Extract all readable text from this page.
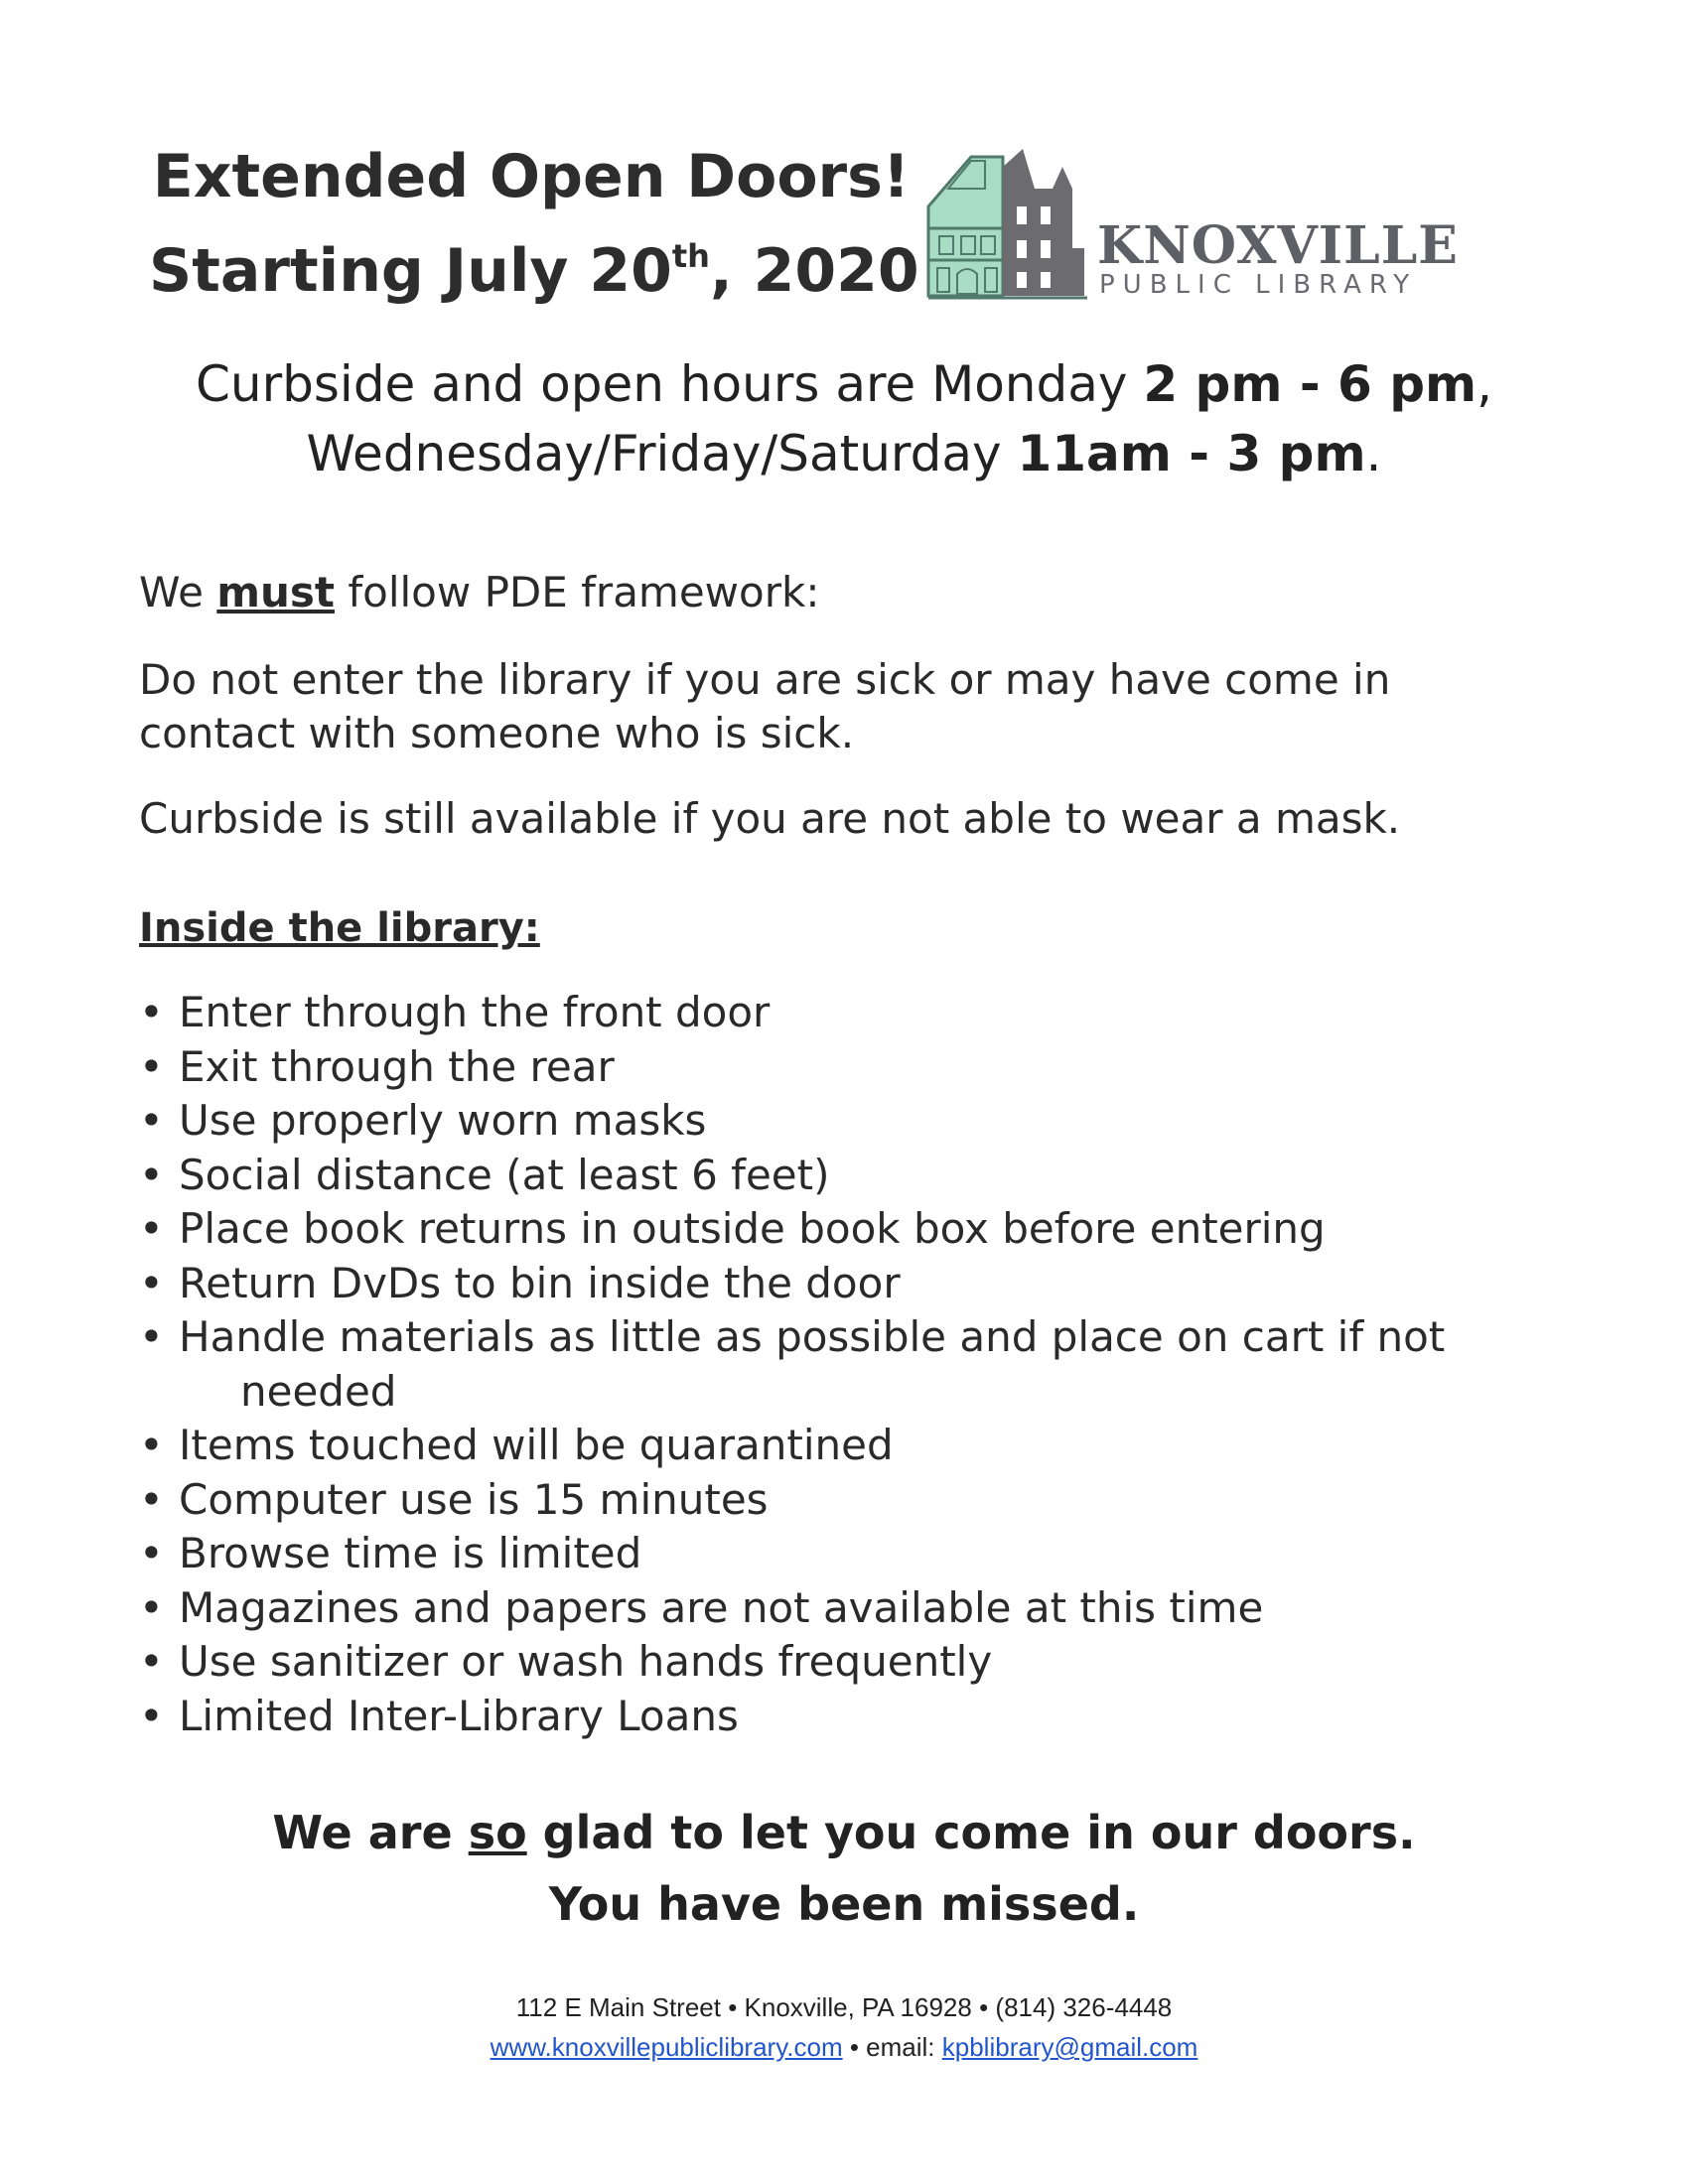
Extended Open Doors!
Starting July 20th, 2020	KNOXVILLE
PUBLIC LIBRARY
Curbside and open hours are Monday 2 pm - 6 pm,
Wednesday/Friday/Saturday 11am - 3 pm.

We must follow PDE framework:

Do not enter the library if you are sick or may have come in contact with someone who is sick.

Curbside is still available if you are not able to wear a mask.

Inside the library:
• Enter through the front door
• Exit through the rear
• Use properly worn masks
• Social distance (at least 6 feet)
• Place book returns in outside book box before entering
• Return DvDs to bin inside the door
• Handle materials as little as possible and place on cart if not
needed
• Items touched will be quarantined
• Computer use is 15 minutes
• Browse time is limited
• Magazines and papers are not available at this time
• Use sanitizer or wash hands frequently
• Limited Inter-Library Loans
We are so glad to let you come in our doors.
You have been missed.
112 E Main Street • Knoxville, PA 16928 • (814) 326-4448
www.knoxvillepubliclibrary.com • email: kpblibrary@gmail.com
